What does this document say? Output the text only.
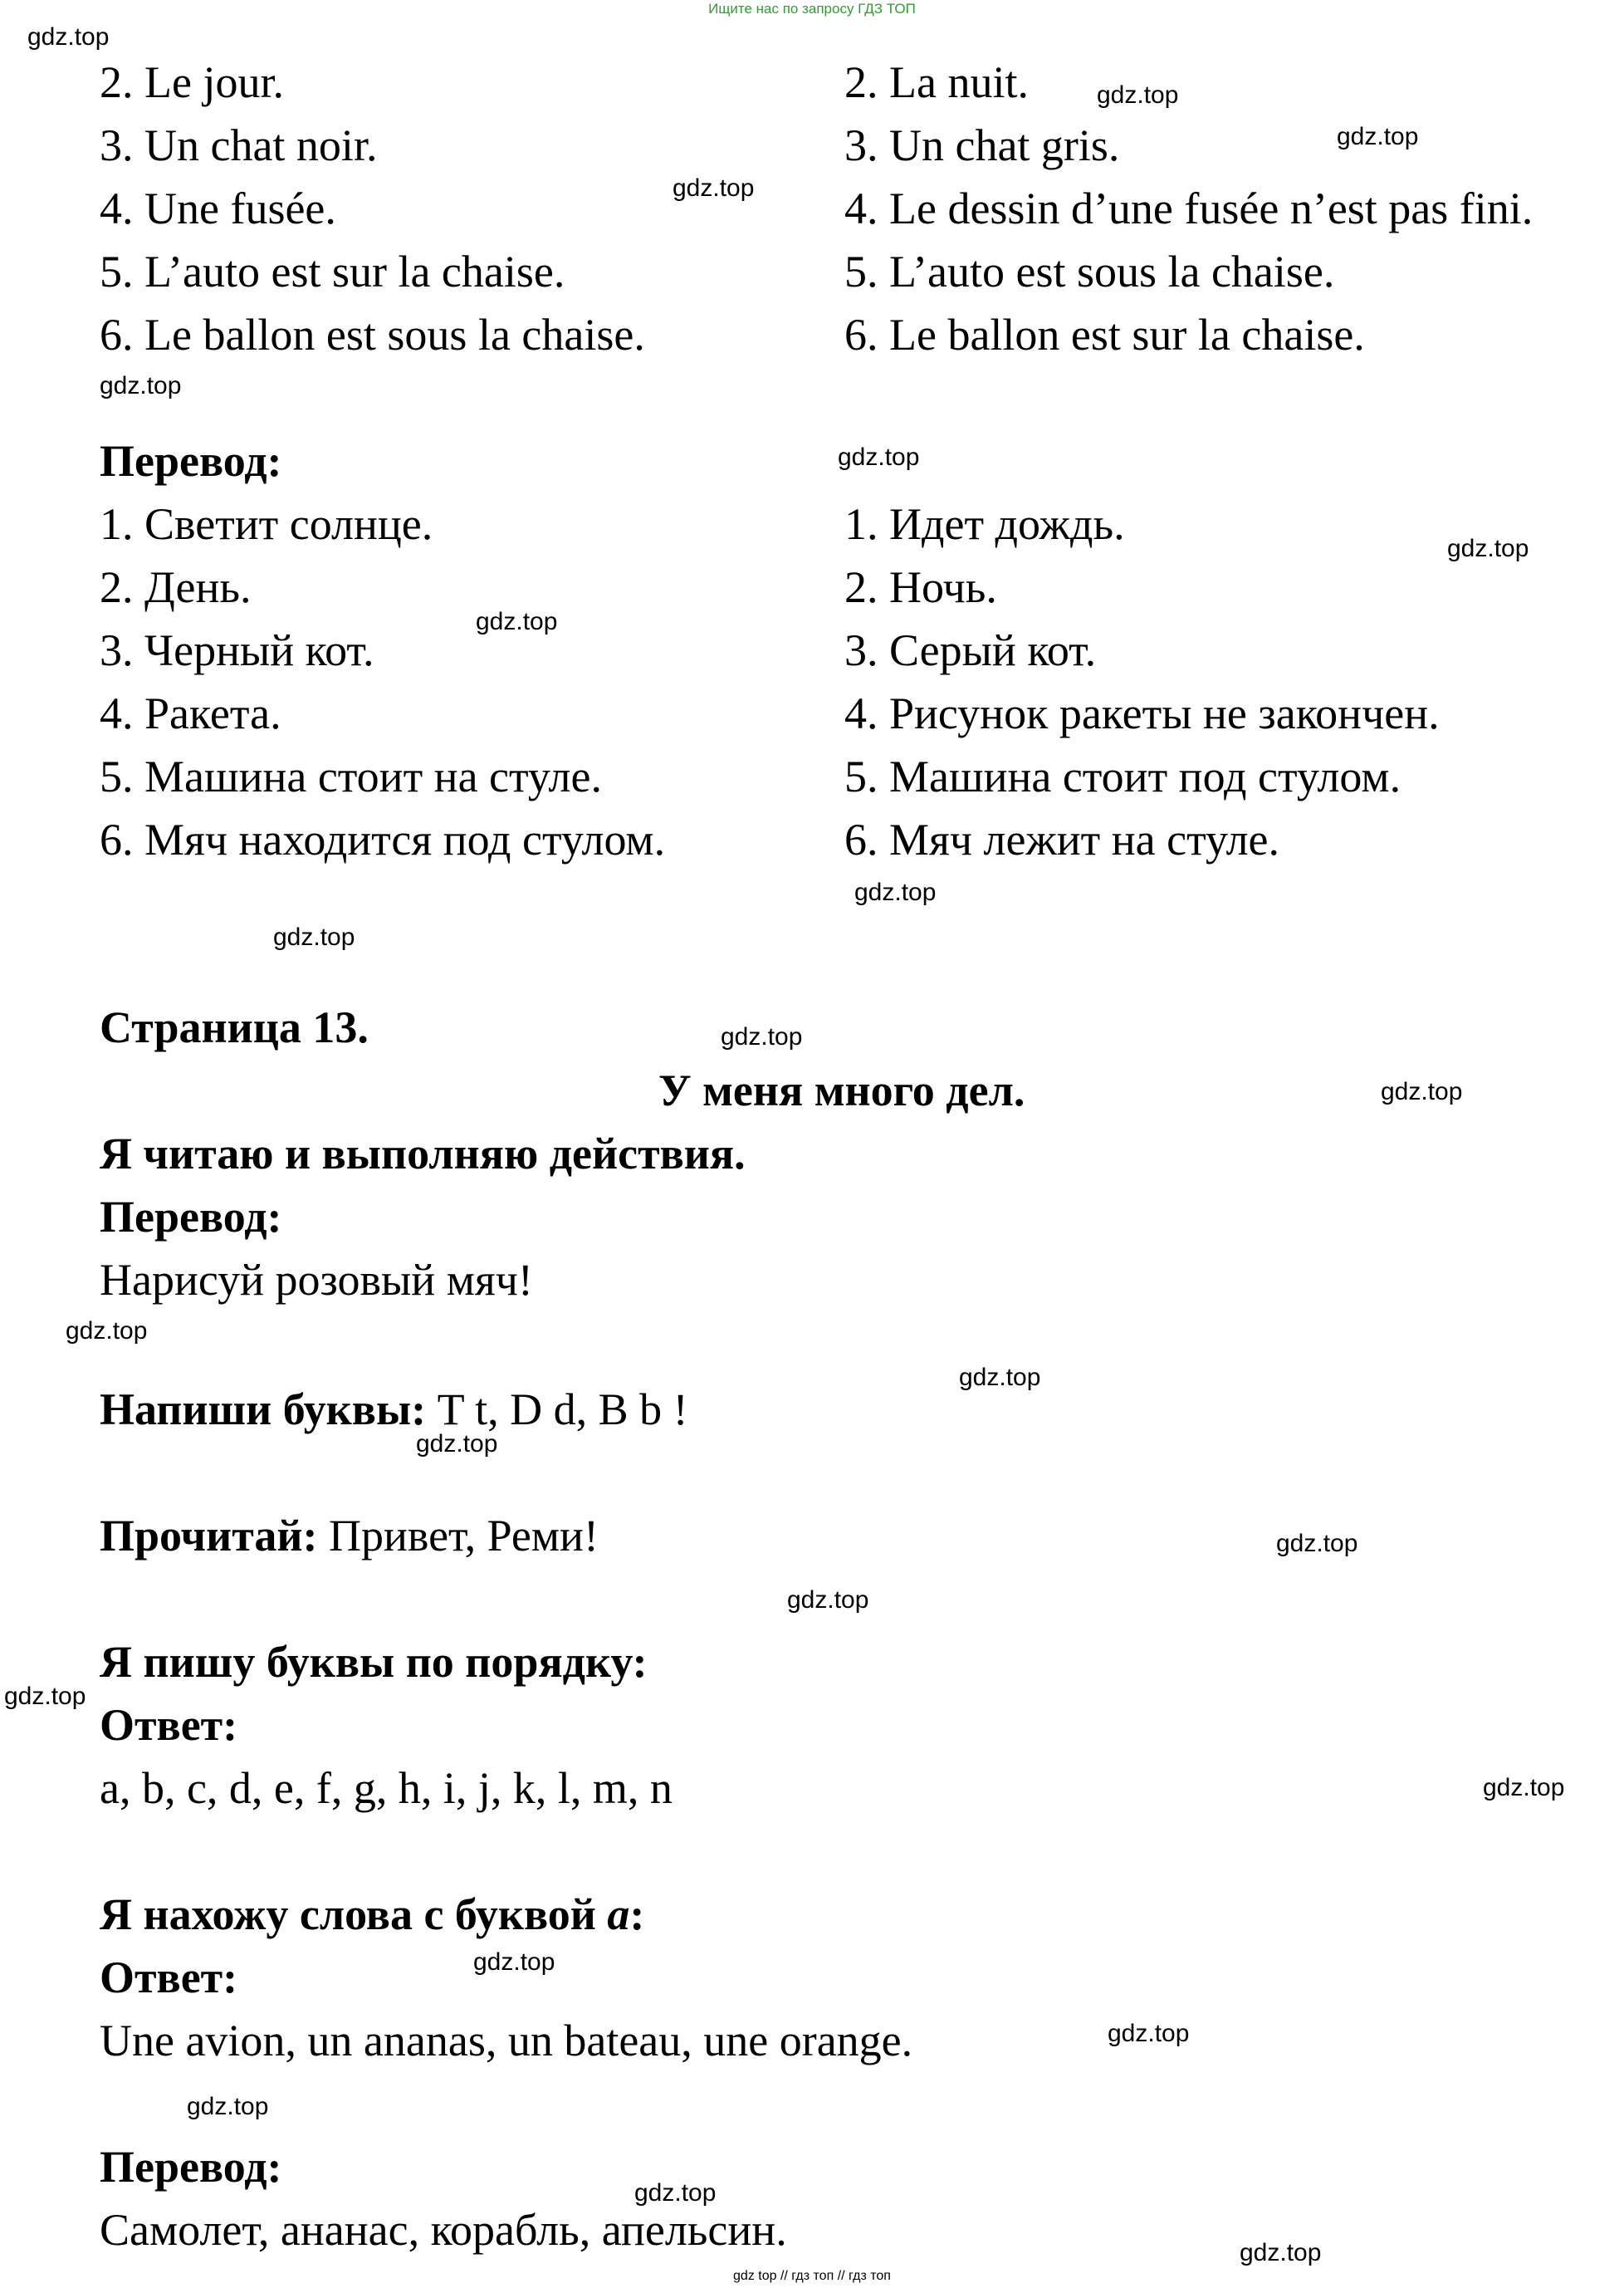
Ищите нас по запросу ГДЗ ТОП
2. Le jour.
3. Un chat noir.
4. Une fusée.
5. L’auto est sur la chaise.
6. Le ballon est sous la chaise.
2. La nuit.
3. Un chat gris.
4. Le dessin d’une fusée n’est pas fini.
5. L’auto est sous la chaise.
6. Le ballon est sur la chaise.
Перевод:
1. Светит солнце.
2. День.
3. Черный кот.
4. Ракета.
5. Машина стоит на стуле.
6. Мяч находится под стулом.
1. Идет дождь.
2. Ночь.
3. Серый кот.
4. Рисунок ракеты не закончен.
5. Машина стоит под стулом.
6. Мяч лежит на стуле.
Страница 13.
У меня много дел.
Я читаю и выполняю действия.
Перевод:
Нарисуй розовый мяч!
Напиши буквы: T t, D d, B b !
Прочитай: Привет, Реми!
Я пишу буквы по порядку:
Ответ:
a, b, c, d, e, f, g, h, i, j, k, l, m, n
Я нахожу слова с буквой a:
Ответ:
Une avion, un ananas, un bateau, une orange.
Перевод:
Самолет, ананас, корабль, апельсин.
gdz.top
gdz.top
gdz.top
gdz.top
gdz.top
gdz.top
gdz.top
gdz.top
gdz.top
gdz.top
gdz.top
gdz.top
gdz.top
gdz.top
gdz.top
gdz.top
gdz.top
gdz.top
gdz.top
gdz.top
gdz.top
gdz.top
gdz.top
gdz.top
gdz top // гдз топ // гдз топ
